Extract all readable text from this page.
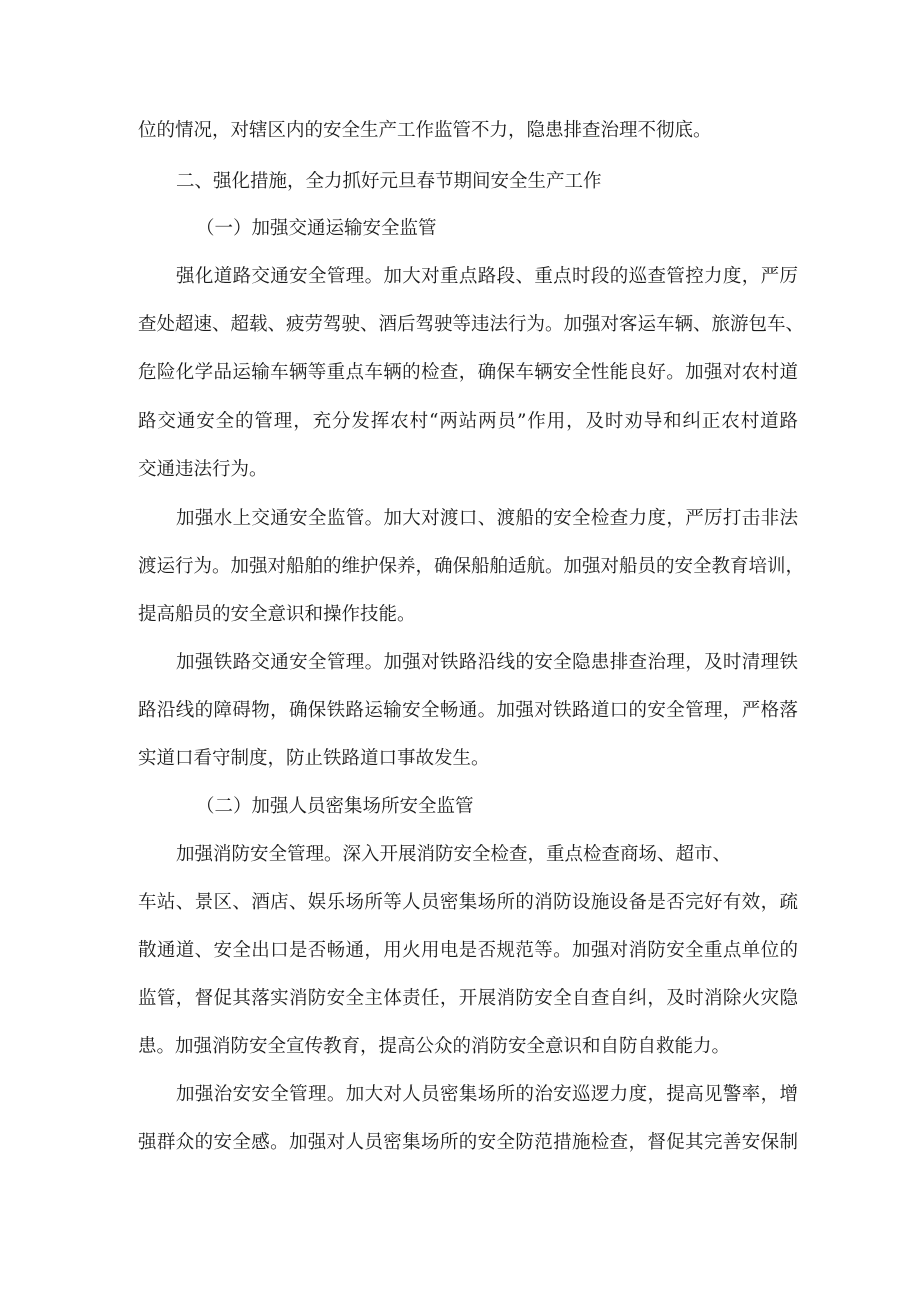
位的情况，对辖区内的安全生产工作监管不力，隐患排查治理不彻底。
二、强化措施，全力抓好元旦春节期间安全生产工作
（一）加强交通运输安全监管
强化道路交通安全管理。加大对重点路段、重点时段的巡查管控力度，严厉
查处超速、超载、疲劳驾驶、酒后驾驶等违法行为。加强对客运车辆、旅游包车、
危险化学品运输车辆等重点车辆的检查，确保车辆安全性能良好。加强对农村道
路交通安全的管理，充分发挥农村“两站两员”作用，及时劝导和纠正农村道路
交通违法行为。
加强水上交通安全监管。加大对渡口、渡船的安全检查力度，严厉打击非法
渡运行为。加强对船舶的维护保养，确保船舶适航。加强对船员的安全教育培训，
提高船员的安全意识和操作技能。
加强铁路交通安全管理。加强对铁路沿线的安全隐患排查治理，及时清理铁
路沿线的障碍物，确保铁路运输安全畅通。加强对铁路道口的安全管理，严格落
实道口看守制度，防止铁路道口事故发生。
（二）加强人员密集场所安全监管
加强消防安全管理。深入开展消防安全检查，重点检查商场、超市、
车站、景区、酒店、娱乐场所等人员密集场所的消防设施设备是否完好有效，疏
散通道、安全出口是否畅通，用火用电是否规范等。加强对消防安全重点单位的
监管，督促其落实消防安全主体责任，开展消防安全自查自纠，及时消除火灾隐
患。加强消防安全宣传教育，提高公众的消防安全意识和自防自救能力。
加强治安安全管理。加大对人员密集场所的治安巡逻力度，提高见警率，增
强群众的安全感。加强对人员密集场所的安全防范措施检查，督促其完善安保制
